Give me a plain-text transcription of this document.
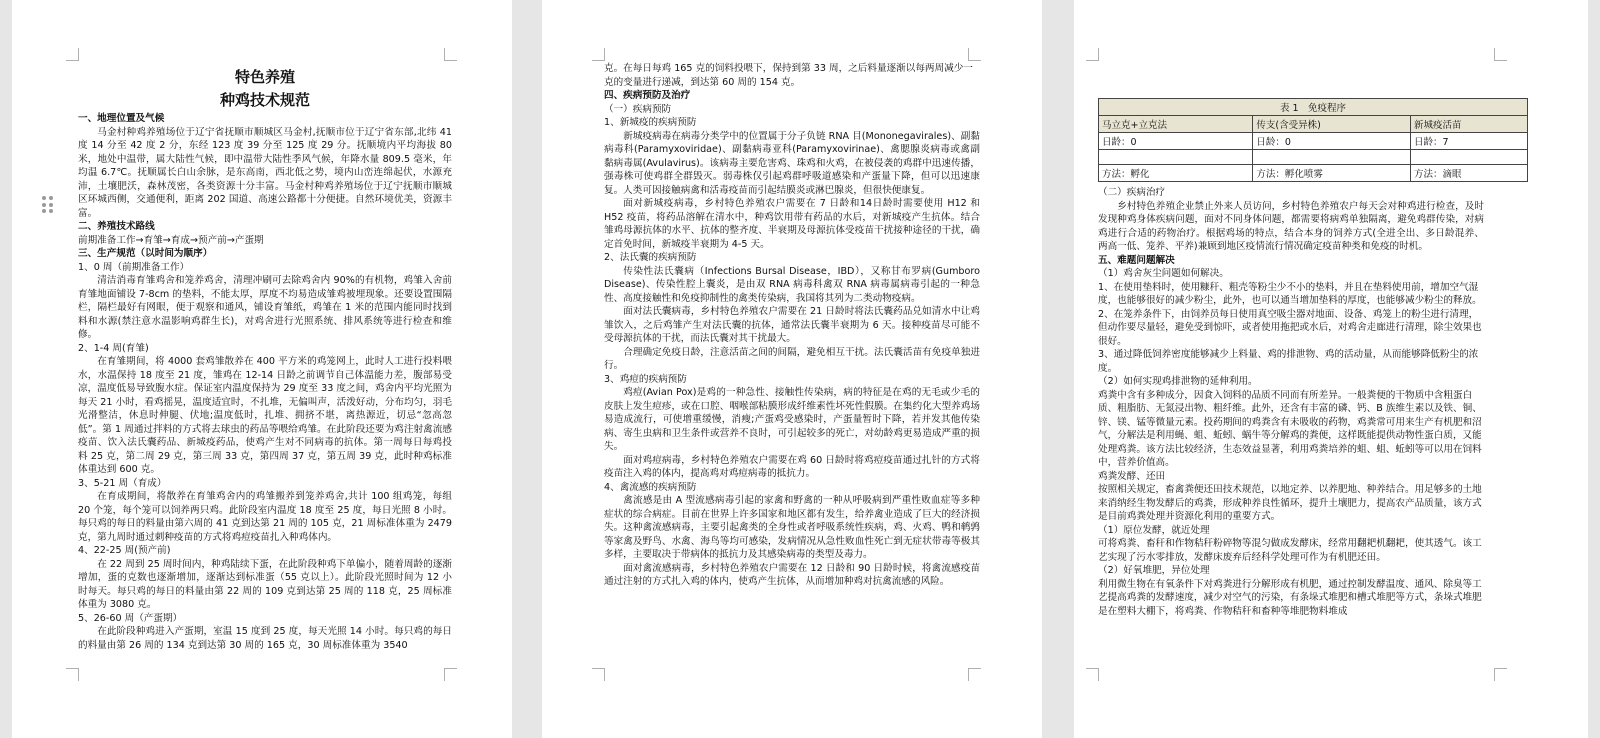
特色养殖
种鸡技术规范

一、地理位置及气候

马金村种鸡养殖场位于辽宁省抚顺市顺城区马金村,抚顺市位于辽宁省东部,北纬 41 度 14 分至 42 度 2 分，东经 123 度 39 分至 125 度 29 分。抚顺境内平均海拔 80 米，地处中温带，属大陆性气候，即中温带大陆性季风气候，年降水量 809.5 毫米，年均温 6.7℃。抚顺属长白山余脉，是东高南，西北低之势，境内山峦连绵起伏，水源充沛，土壤肥沃，森林茂密，各类资源十分丰富。马金村种鸡养殖场位于辽宁抚顺市顺城区环城西侧，交通便利，距离 202 国道、高速公路都十分便捷。自然环境优美，资源丰富。

二、养殖技术路线

前期准备工作→育雏→育成→预产前→产蛋期

三、生产规范（以时间为顺序）

1、0 周（前期准备工作）

清洁消毒育雏鸡舍和笼养鸡舍，清理冲刷可去除鸡舍内 90%的有机物，鸡雏入舍前育雏地面铺设 7-8cm 的垫料，不能太厚，厚度不均易造成雏鸡被埋现象。还要设置围隔栏，隔栏最好有网眼，便于观察和通风，铺设育雏纸，鸡雏在 1 米的范围内能同时找到料和水源(禁注意水温影响鸡群生长)，对鸡舍进行光照系统、排风系统等进行检查和维修。

2、1-4 周(育雏)

在育雏期间，将 4000 套鸡雏散养在 400 平方米的鸡笼网上，此时人工进行投料喂水，水温保持 18 度至 21 度，雏鸡在 12-14 日龄之前调节自己体温能力差，腹部易受凉，温度低易导致腹水症。保证室内温度保持为 29 度至 33 度之间，鸡舍内平均光照为每天 21 小时，看鸡摇晃，温度适宜时，不扎堆，无偏叫声，活泼好动，分布均匀，羽毛光滑整洁，休息时伸腿、伏地;温度低时，扎堆、拥挤不堪，离热源近，切忌“忽高忽低”。第 1 周通过拌料的方式将去球虫的药品等喂给鸡雏。在此阶段还要为鸡注射禽流感疫苗、饮入法氏囊药品、新城疫药品，使鸡产生对不同病毒的抗体。第一周每日每鸡投料 25 克，第二周 29 克，第三周 33 克，第四周 37 克，第五周 39 克，此时种鸡标准体重达到 600 克。

3、5-21 周（育成）

在育成期间，将散养在育雏鸡舍内的鸡雏搬养到笼养鸡舍,共计 100 组鸡笼，每组 20 个笼，每个笼可以饲养两只鸡。此阶段室内温度 18 度至 25 度，每日光照 8 小时。每只鸡的每日的料量由第六周的 41 克到达第 21 周的 105 克，21 周标准体重为 2479 克，第九周时通过刺种疫苗的方式将鸡痘疫苗扎入种鸡体内。

4、22-25 周(预产前)

在 22 周到 25 周时间内，种鸡陆续下蛋，在此阶段种鸡下单偏小，随着周龄的逐渐增加，蛋的克数也逐渐增加，逐渐达到标准蛋（55 克以上）。此阶段光照时间为 12 小时每天。每只鸡的每日的料量由第 22 周的 109 克到达第 25 周的 118 克，25 周标准体重为 3080 克。

5、26-60 周（产蛋期）

在此阶段种鸡进入产蛋期，室温 15 度到 25 度，每天光照 14 小时。每只鸡的每日的料量由第 26 周的 134 克到达第 30 周的 165 克，30 周标准体重为 3540

克。在每日每鸡 165 克的饲料投喂下，保持到第 33 周，之后料量逐渐以每两周减少一克的变量进行递减，到达第 60 周的 154 克。

四、疾病预防及治疗

（一）疾病预防

1、新城疫的疾病预防

新城疫病毒在病毒分类学中的位置属于分子负链 RNA 目(Mononegavirales)、副黏病毒科(Paramyxoviridae)、副黏病毒亚科(Paramyxovirinae)、禽腮腺炎病毒或禽副黏病毒属(Avulavirus)。该病毒主要危害鸡、珠鸡和火鸡，在被侵袭的鸡群中迅速传播，强毒株可使鸡群全群毁灭。弱毒株仅引起鸡群呼吸道感染和产蛋量下降，但可以迅速康复。人类可因接触病禽和活毒疫苗而引起结膜炎或淋巴腺炎，但很快便康复。

面对新城疫病毒，乡村特色养殖农户需要在 7 日龄和14日龄时需要使用 H12 和 H52 疫苗，将药品溶解在清水中，种鸡饮用带有药品的水后，对新城疫产生抗体。结合雏鸡母源抗体的水平、抗体的整齐度、半衰期及母源抗体受疫苗干扰接种途径的干扰，确定首免时间，新城疫半衰期为 4-5 天。

2、法氏囊的疾病预防

传染性法氏囊病（Infections Bursal Disease，IBD），又称甘布罗病(Gumboro Disease)、传染性腔上囊炎，是由双 RNA 病毒科禽双 RNA 病毒属病毒引起的一种急性、高度接触性和免疫抑制性的禽类传染病，我国将其列为二类动物疫病。

面对法氏囊病毒，乡村特色养殖农户需要在 21 日龄时将法氏囊药品兑如清水中让鸡雏饮入，之后鸡雏产生对法氏囊的抗体，通常法氏囊半衰期为 6 天。接种疫苗尽可能不受母源抗体的干扰，而法氏囊对其干扰最大。

合理确定免疫日龄，注意活苗之间的间隔，避免相互干扰。法氏囊活苗有免疫单独进行。

3、鸡痘的疾病预防

鸡痘(Avian Pox)是鸡的一种急性、接触性传染病，病的特征是在鸡的无毛或少毛的皮肤上发生痘疹，或在口腔、咽喉部粘膜形成纤维素性坏死性假膜。在集约化大型养鸡场易造成流行，可使增重缓慢，消瘦;产蛋鸡受感染时，产蛋量暂时下降，若并发其他传染病、寄生虫病和卫生条件或营养不良时，可引起较多的死亡，对幼龄鸡更易造成严重的损失。

面对鸡痘病毒，乡村特色养殖农户需要在鸡 60 日龄时将鸡痘疫苗通过扎针的方式将疫苗注入鸡的体内，提高鸡对鸡痘病毒的抵抗力。

4、禽流感的疾病预防

禽流感是由 A 型流感病毒引起的家禽和野禽的一种从呼吸病到严重性败血症等多种症状的综合病症。目前在世界上许多国家和地区都有发生，给养禽业造成了巨大的经济损失。这种禽流感病毒，主要引起禽类的全身性或者呼吸系统性疾病，鸡、火鸡、鸭和鹌鹑等家禽及野鸟、水禽、海鸟等均可感染，发病情况从急性败血性死亡到无症状带毒等极其多样，主要取决于带病体的抵抗力及其感染病毒的类型及毒力。

面对禽流感病毒，乡村特色养殖农户需要在 12 日龄和 90 日龄时候，将禽流感疫苗通过注射的方式扎入鸡的体内，使鸡产生抗体，从而增加种鸡对抗禽流感的风险。

表 1　免疫程序		
马立克+立克法	传支(含受异株)	新城疫活苗
日龄：0	日龄：0	日龄：7

方法：孵化	方法：孵化喷雾	方法：滴眼

（二）疾病治疗

乡村特色养殖企业禁止外来人员访问，乡村特色养殖农户每天会对种鸡进行检查，及时发现种鸡身体疾病问题，面对不同身体问题，都需要将病鸡单独隔离，避免鸡群传染，对病鸡进行合适的药物治疗。根据鸡场的特点，结合本身的饲养方式(全进全出、多日龄混养、两高一低、笼养、平养)兼顾到地区疫情流行情况确定疫苗种类和免疫的时机。

五、难题问题解决

（1）鸡舍灰尘问题如何解决。

1、在使用垫料时，使用糠秆、粗壳等粉尘少不小的垫料，并且在垫料使用前，增加空气湿度，也能够很好的减少粉尘，此外，也可以通当增加垫料的厚度，也能够减少粉尘的释放。

2、在笼养条件下，由饲养员每日使用真空吸尘器对地面、设备、鸡笼上的粉尘进行清理，但动作要尽量轻，避免受到惊吓，或者使用拖把或水后，对鸡舍走廊进行清理，除尘效果也很好。

3、通过降低饲养密度能够减少上料量、鸡的排泄物、鸡的活动量，从而能够降低粉尘的浓度。

（2）如何实现鸡排泄物的延伸利用。

鸡粪中含有多种成分，因食入饲料的品质不同而有所差异。一般粪便的干物质中含粗蛋白质、粗脂肪、无氮浸出物、粗纤维。此外，还含有丰富的磷、钙、B 族维生素以及铁、铜、锌、镁、锰等微量元素。投药期间的鸡粪含有未吸收的药物，鸡粪常可用来生产有机肥和沼气，分解法是利用蝇、蛆、蚯蚓、蜗牛等分解鸡的粪便，这样既能提供动物性蛋白质，又能处理鸡粪。该方法比较经济，生态效益显著，利用鸡粪培养的蛆、蛆、蚯蚓等可以用在饲料中，营养价值高。

鸡粪发酵、还田

按照相关规定，畜禽粪便还田技术规范，以地定养、以养肥地、种养结合。用足够多的土地来消纳经生物发酵后的鸡粪，形成种养良性循环，提升土壤肥力，提高农产品质量，该方式是目前鸡粪处理并资源化利用的重要方式。

（1）原位发酵，就近处理

可将鸡粪、畜秆和作物秸秆粉碎物等混匀做成发酵床，经常用翻耙机翻耙，使其透气。该工艺实现了污水零排放，发酵床废弃后经科学处理可作为有机肥还田。

（2）好氧堆肥，异位处理

利用微生物在有氧条件下对鸡粪进行分解形成有机肥，通过控制发酵温度、通风、除臭等工艺提高鸡粪的发酵速度，减少对空气的污染，有条垛式堆肥和槽式堆肥等方式，条垛式堆肥是在塑料大棚下，将鸡粪、作物秸秆和畜种等堆肥物料堆成
